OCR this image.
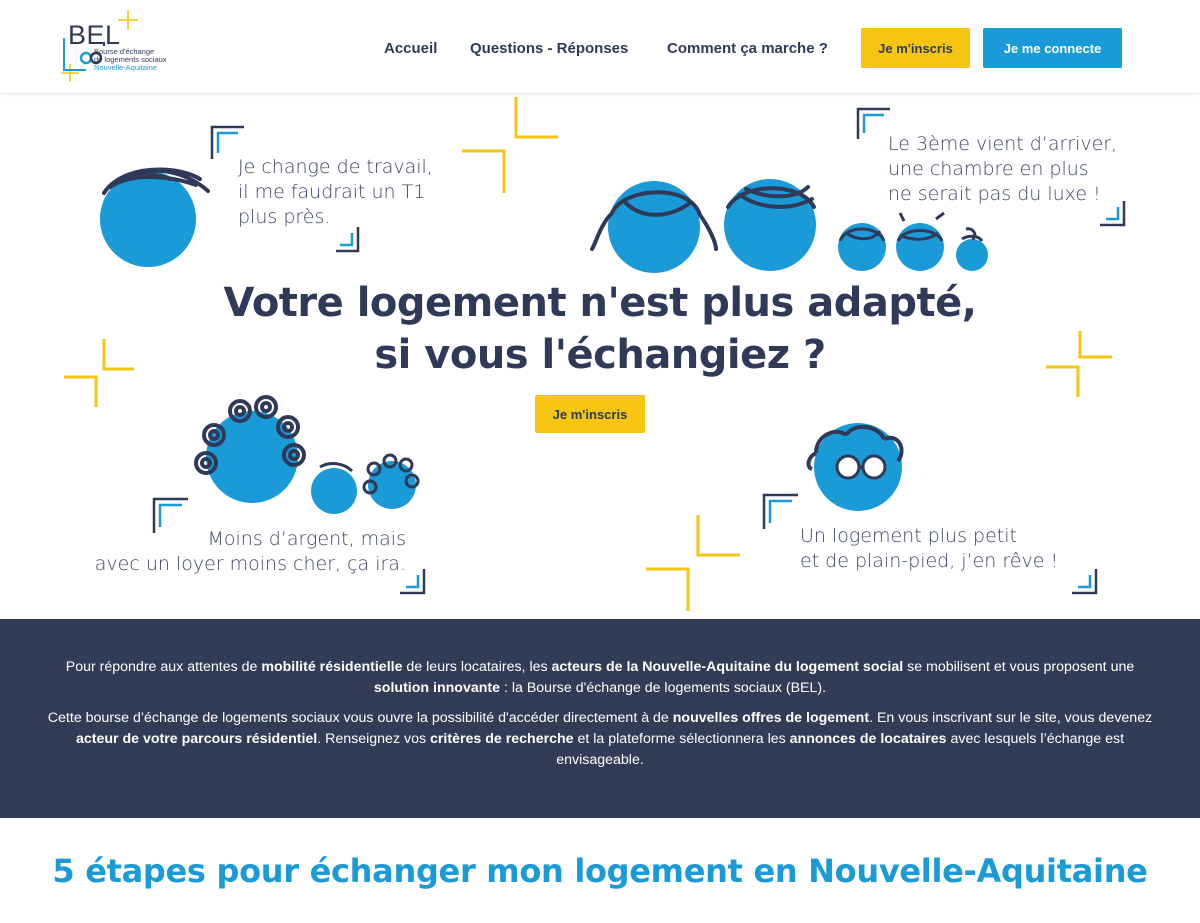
BEL
Bourse d'échange
de logements sociaux
Nouvelle-Aquitaine
Accueil Questions - Réponses	Comment ça marche ?	Je m'inscris	Je me connecte
Je change de travail,
il me faudrait un T1
plus près.
Le 3ème vient d’arriver,
une chambre en plus
ne serait pas du luxe !
Moins d’argent, mais
avec un loyer moins cher, ça ira.
Un logement plus petit
et de plain-pied, j’en rêve !
Votre logement n'est plus adapté,
si vous l'échangiez ?
Je m'inscris

Pour répondre aux attentes de mobilité résidentielle de leurs locataires, les acteurs de la Nouvelle-Aquitaine du logement social se mobilisent et vous proposent une solution innovante : la Bourse d'échange de logements sociaux (BEL).

Cette bourse d’échange de logements sociaux vous ouvre la possibilité d'accéder directement à de nouvelles offres de logement. En vous inscrivant sur le site, vous devenez acteur de votre parcours résidentiel. Renseignez vos critères de recherche et la plateforme sélectionnera les annonces de locataires avec lesquels l’échange est envisageable.

5 étapes pour échanger mon logement en Nouvelle-Aquitaine
